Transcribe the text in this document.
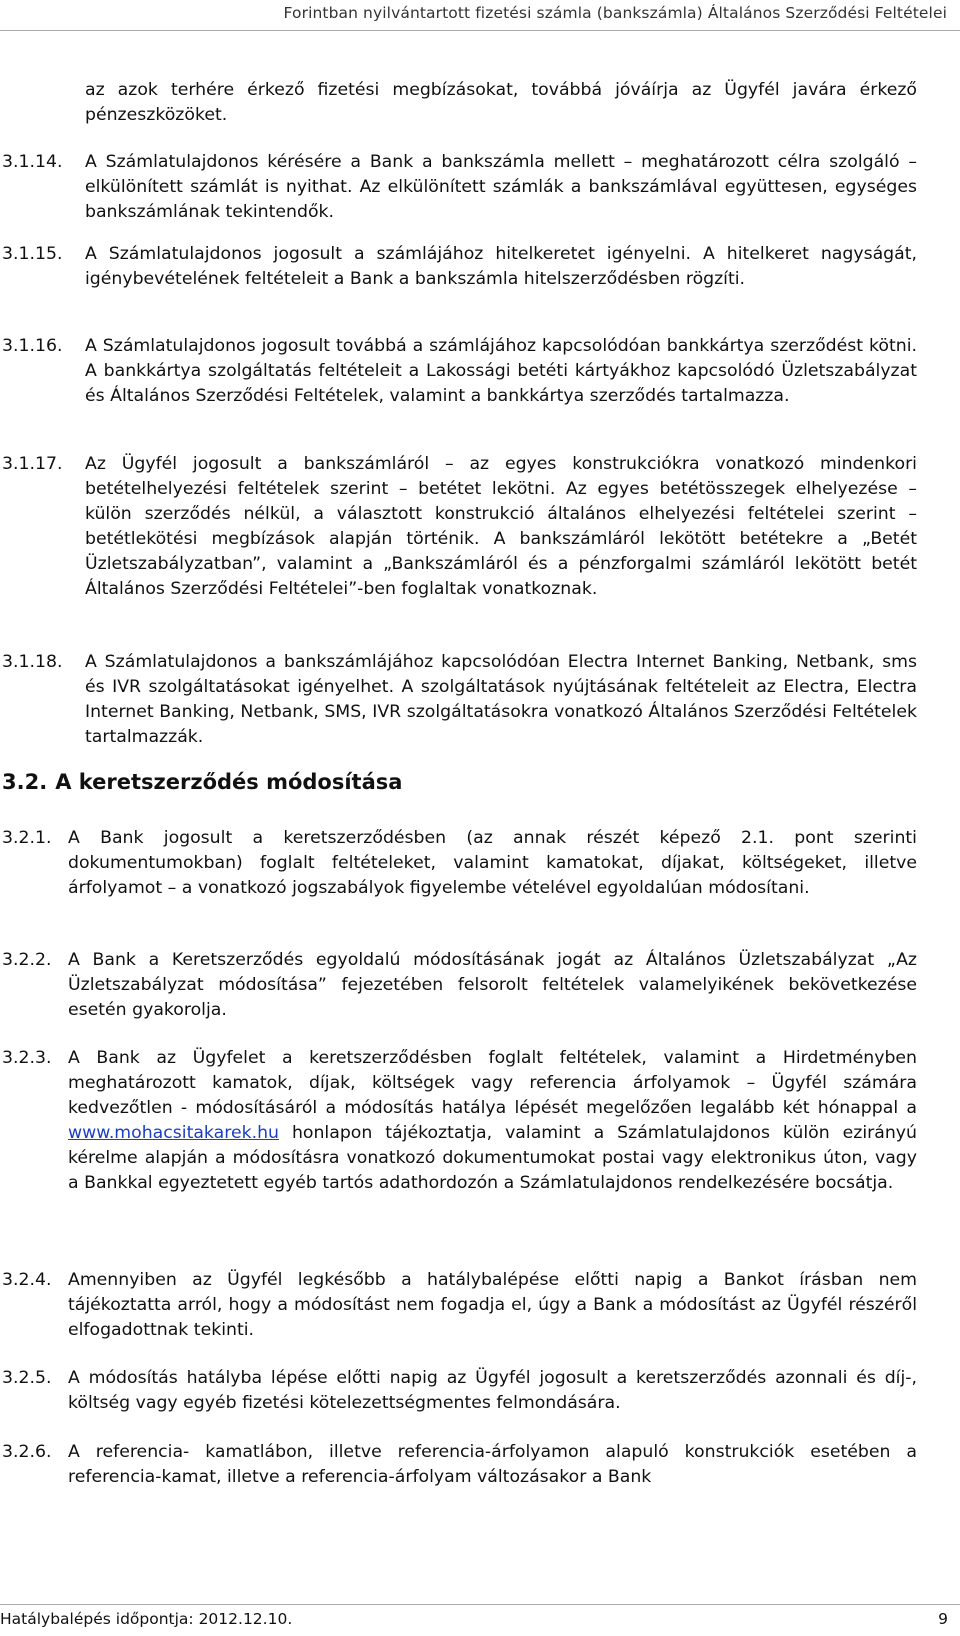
Forintban nyilvántartott fizetési számla (bankszámla) Általános Szerződési Feltételei
az azok terhére érkező fizetési megbízásokat, továbbá jóváírja az Ügyfél javára érkező pénzeszközöket.
3.1.14. A Számlatulajdonos kérésére a Bank a bankszámla mellett – meghatározott célra szolgáló – elkülönített számlát is nyithat. Az elkülönített számlák a bankszámlával együttesen, egységes bankszámlának tekintendők.
3.1.15. A Számlatulajdonos jogosult a számlájához hitelkeretet igényelni. A hitelkeret nagyságát, igénybevételének feltételeit a Bank a bankszámla hitelszerződésben rögzíti.
3.1.16. A Számlatulajdonos jogosult továbbá a számlájához kapcsolódóan bankkártya szerződést kötni. A bankkártya szolgáltatás feltételeit a Lakossági betéti kártyákhoz kapcsolódó Üzletszabályzat és Általános Szerződési Feltételek, valamint a bankkártya szerződés tartalmazza.
3.1.17. Az Ügyfél jogosult a bankszámláról – az egyes konstrukciókra vonatkozó mindenkori betételhelyezési feltételek szerint – betétet lekötni. Az egyes betétösszegek elhelyezése – külön szerződés nélkül, a választott konstrukció általános elhelyezési feltételei szerint – betétlekötési megbízások alapján történik. A bankszámláról lekötött betétekre a „Betét Üzletszabályzatban”, valamint a „Bankszámláról és a pénzforgalmi számláról lekötött betét Általános Szerződési Feltételei”-ben foglaltak vonatkoznak.
3.1.18. A Számlatulajdonos a bankszámlájához kapcsolódóan Electra Internet Banking, Netbank, sms és IVR szolgáltatásokat igényelhet. A szolgáltatások nyújtásának feltételeit az Electra, Electra Internet Banking, Netbank, SMS, IVR szolgáltatásokra vonatkozó Általános Szerződési Feltételek tartalmazzák.
3.2. A keretszerződés módosítása
3.2.1. A Bank jogosult a keretszerződésben (az annak részét képező 2.1. pont szerinti dokumentumokban) foglalt feltételeket, valamint kamatokat, díjakat, költségeket, illetve árfolyamot – a vonatkozó jogszabályok figyelembe vételével egyoldalúan módosítani.
3.2.2. A Bank a Keretszerződés egyoldalú módosításának jogát az Általános Üzletszabályzat „Az Üzletszabályzat módosítása” fejezetében felsorolt feltételek valamelyikének bekövetkezése esetén gyakorolja.
3.2.3. A Bank az Ügyfelet a keretszerződésben foglalt feltételek, valamint a Hirdetményben meghatározott kamatok, díjak, költségek vagy referencia árfolyamok – Ügyfél számára kedvezőtlen - módosításáról a módosítás hatálya lépését megelőzően legalább két hónappal a www.mohacsitakarek.hu honlapon tájékoztatja, valamint a Számlatulajdonos külön ezirányú kérelme alapján a módosításra vonatkozó dokumentumokat postai vagy elektronikus úton, vagy a Bankkal egyeztetett egyéb tartós adathordozón a Számlatulajdonos rendelkezésére bocsátja.
3.2.4. Amennyiben az Ügyfél legkésőbb a hatálybalépése előtti napig a Bankot írásban nem tájékoztatta arról, hogy a módosítást nem fogadja el, úgy a Bank a módosítást az Ügyfél részéről elfogadottnak tekinti.
3.2.5. A módosítás hatályba lépése előtti napig az Ügyfél jogosult a keretszerződés azonnali és díj-, költség vagy egyéb fizetési kötelezettségmentes felmondására.
3.2.6. A referencia- kamatlábon, illetve referencia-árfolyamon alapuló konstrukciók esetében a referencia-kamat, illetve a referencia-árfolyam változásakor a Bank
Hatálybalépés időpontja: 2012.12.10.	9
